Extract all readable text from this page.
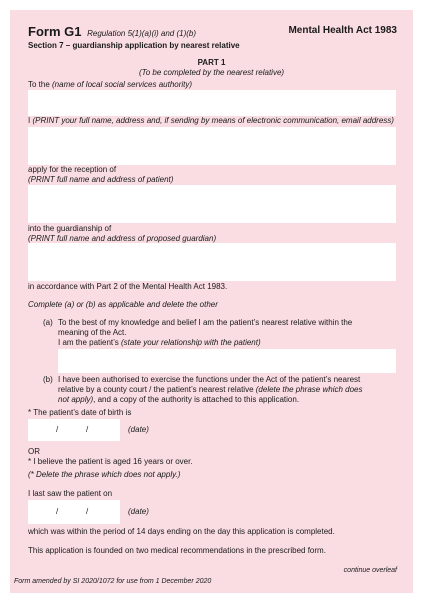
Form G1 Regulation 5(1)(a)(i) and (1)(b)	Mental Health Act 1983
Section 7 – guardianship application by nearest relative
PART 1
(To be completed by the nearest relative)
To the (name of local social services authority)
I (PRINT your full name, address and, if sending by means of electronic communication, email address)
apply for the reception of
(PRINT full name and address of patient)
into the guardianship of
(PRINT full name and address of proposed guardian)
in accordance with Part 2 of the Mental Health Act 1983.
Complete (a) or (b) as applicable and delete the other
(a) To the best of my knowledge and belief I am the patient’s nearest relative within the
meaning of the Act.
I am the patient’s (state your relationship with the patient)
(b) I have been authorised to exercise the functions under the Act of the patient’s nearest
relative by a county court / the patient’s nearest relative (delete the phrase which does
not apply), and a copy of the authority is attached to this application.
* The patient’s date of birth is
/	/	(date)
OR
* I believe the patient is aged 16 years or over.
(* Delete the phrase which does not apply.)
I last saw the patient on
/	/	(date)
which was within the period of 14 days ending on the day this application is completed.
This application is founded on two medical recommendations in the prescribed form.
continue overleaf
Form amended by SI 2020/1072 for use from 1 December 2020
